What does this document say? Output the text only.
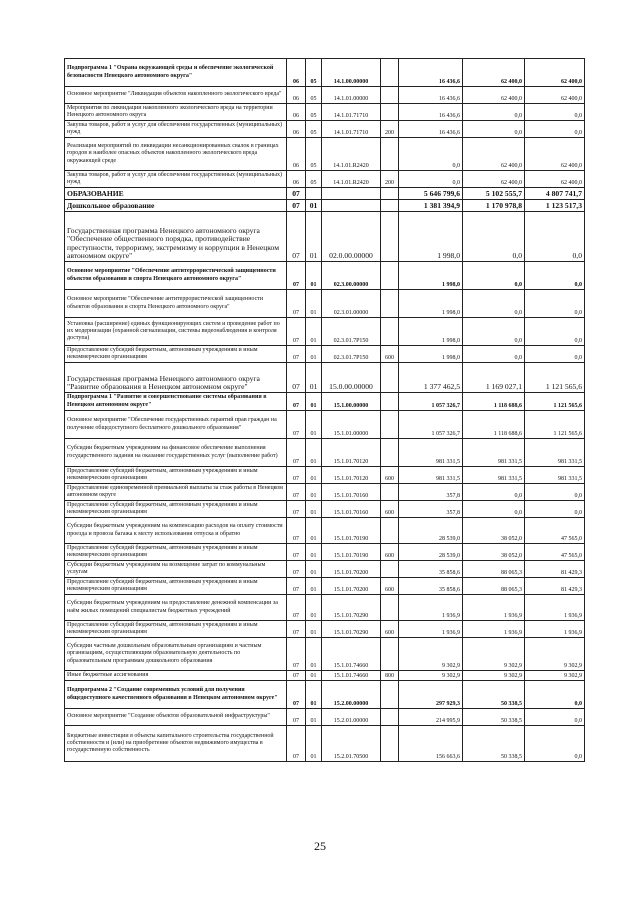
Подпрограмма 1 "Охрана окружающей среды и обеспечение экологической безопасности Ненецкого автономного округа"	06	05	14.1.00.00000		16 436,6	62 400,0	62 400,0
Основное мероприятие "Ликвидация объектов накопленного экологического вреда"	06	05	14.1.01.00000		16 436,6	62 400,0	62 400,0
Мероприятия по ликвидации накопленного экологического вреда на территории Ненецкого автономного округа	06	05	14.1.01.71710		16 436,6	0,0	0,0
Закупка товаров, работ и услуг для обеспечения государственных (муниципальных) нужд	06	05	14.1.01.71710	200	16 436,6	0,0	0,0
Реализация мероприятий по ликвидации несанкционированных свалок в границах городов и наиболее опасных объектов накопленного экологического вреда окружающей среде	06	05	14.1.01.R2420		0,0	62 400,0	62 400,0
Закупка товаров, работ и услуг для обеспечения государственных (муниципальных) нужд	06	05	14.1.01.R2420	200	0,0	62 400,0	62 400,0
ОБРАЗОВАНИЕ	07				5 646 799,6	5 102 555,7	4 807 741,7
Дошкольное образование	07	01			1 381 394,9	1 170 978,8	1 123 517,3
Государственная программа Ненецкого автономного округа "Обеспечение общественного порядка, противодействие преступности, терроризму, экстремизму и коррупции в Ненецком автономном округе"	07	01	02.0.00.00000		1 998,0	0,0	0,0
Основное мероприятие "Обеспечение антитеррористической защищенности объектов образования и спорта Ненецкого автономного округа"	07	01	02.3.00.00000		1 998,0	0,0	0,0
Основное мероприятие "Обеспечение антитеррористической защищенности объектов образования и спорта Ненецкого автономного округа"	07	01	02.3.01.00000		1 998,0	0,0	0,0
Установка (расширение) единых функционирующих систем и проведение работ по их модернизации (охранной сигнализации, системы видеонаблюдения и контроля доступа)	07	01	02.3.01.7P150		1 998,0	0,0	0,0
Предоставление субсидий бюджетным, автономным учреждениям и иным некоммерческим организациям	07	01	02.3.01.7P150	600	1 998,0	0,0	0,0
Государственная программа Ненецкого автономного округа "Развитие образования в Ненецком автономном округе"	07	01	15.0.00.00000		1 377 462,5	1 169 027,1	1 121 565,6
Подпрограмма 1 "Развитие и совершенствование системы образования в Ненецком автономном округе"	07	01	15.1.00.00000		1 057 326,7	1 118 688,6	1 121 565,6
Основное мероприятие "Обеспечение государственных гарантий прав граждан на получение общедоступного бесплатного дошкольного образования"	07	01	15.1.01.00000		1 057 326,7	1 118 688,6	1 121 565,6
Субсидии бюджетным учреждениям на финансовое обеспечение выполнения государственного задания на оказание государственных услуг (выполнение работ)	07	01	15.1.01.70120		981 331,5	981 331,5	981 331,5
Предоставление субсидий бюджетным, автономным учреждениям и иным некоммерческим организациям	07	01	15.1.01.70120	600	981 331,5	981 331,5	981 331,5
Предоставление единовременной премиальной выплаты за стаж работы в Ненецком автономном округе	07	01	15.1.01.70160		357,8	0,0	0,0
Предоставление субсидий бюджетным, автономным учреждениям и иным некоммерческим организациям	07	01	15.1.01.70160	600	357,8	0,0	0,0
Субсидии бюджетным учреждениям на компенсацию расходов на оплату стоимости проезда и провоза багажа к месту использования отпуска и обратно	07	01	15.1.01.70190		28 539,0	38 052,0	47 565,0
Предоставление субсидий бюджетным, автономным учреждениям и иным некоммерческим организациям	07	01	15.1.01.70190	600	28 539,0	38 052,0	47 565,0
Субсидии бюджетным учреждениям на возмещение затрат по коммунальным услугам	07	01	15.1.01.70200		35 858,6	88 065,3	81 429,3
Предоставление субсидий бюджетным, автономным учреждениям и иным некоммерческим организациям	07	01	15.1.01.70200	600	35 858,6	88 065,3	81 429,3
Субсидии бюджетным учреждениям на предоставление денежной компенсации за наём жилых помещений специалистам бюджетных учреждений	07	01	15.1.01.70290		1 936,9	1 936,9	1 936,9
Предоставление субсидий бюджетным, автономным учреждениям и иным некоммерческим организациям	07	01	15.1.01.70290	600	1 936,9	1 936,9	1 936,9
Субсидии частным дошкольным образовательным организациям и частным организациям, осуществляющим образовательную деятельность по образовательным программам дошкольного образования	07	01	15.1.01.74660		9 302,9	9 302,9	9 302,9
Иные бюджетные ассигнования	07	01	15.1.01.74660	800	9 302,9	9 302,9	9 302,9
Подпрограмма 2 "Создание современных условий для получения общедоступного качественного образования в Ненецком автономном округе"	07	01	15.2.00.00000		297 929,3	50 338,5	0,0
Основное мероприятие "Создание объектов образовательной инфраструктуры"	07	01	15.2.01.00000		214 995,9	50 338,5	0,0
Бюджетные инвестиции в объекты капитального строительства государственной собственности и (или) на приобретение объектов недвижимого имущества в государственную собственность	07	01	15.2.01.70500		156 663,6	50 338,5	0,0
25
